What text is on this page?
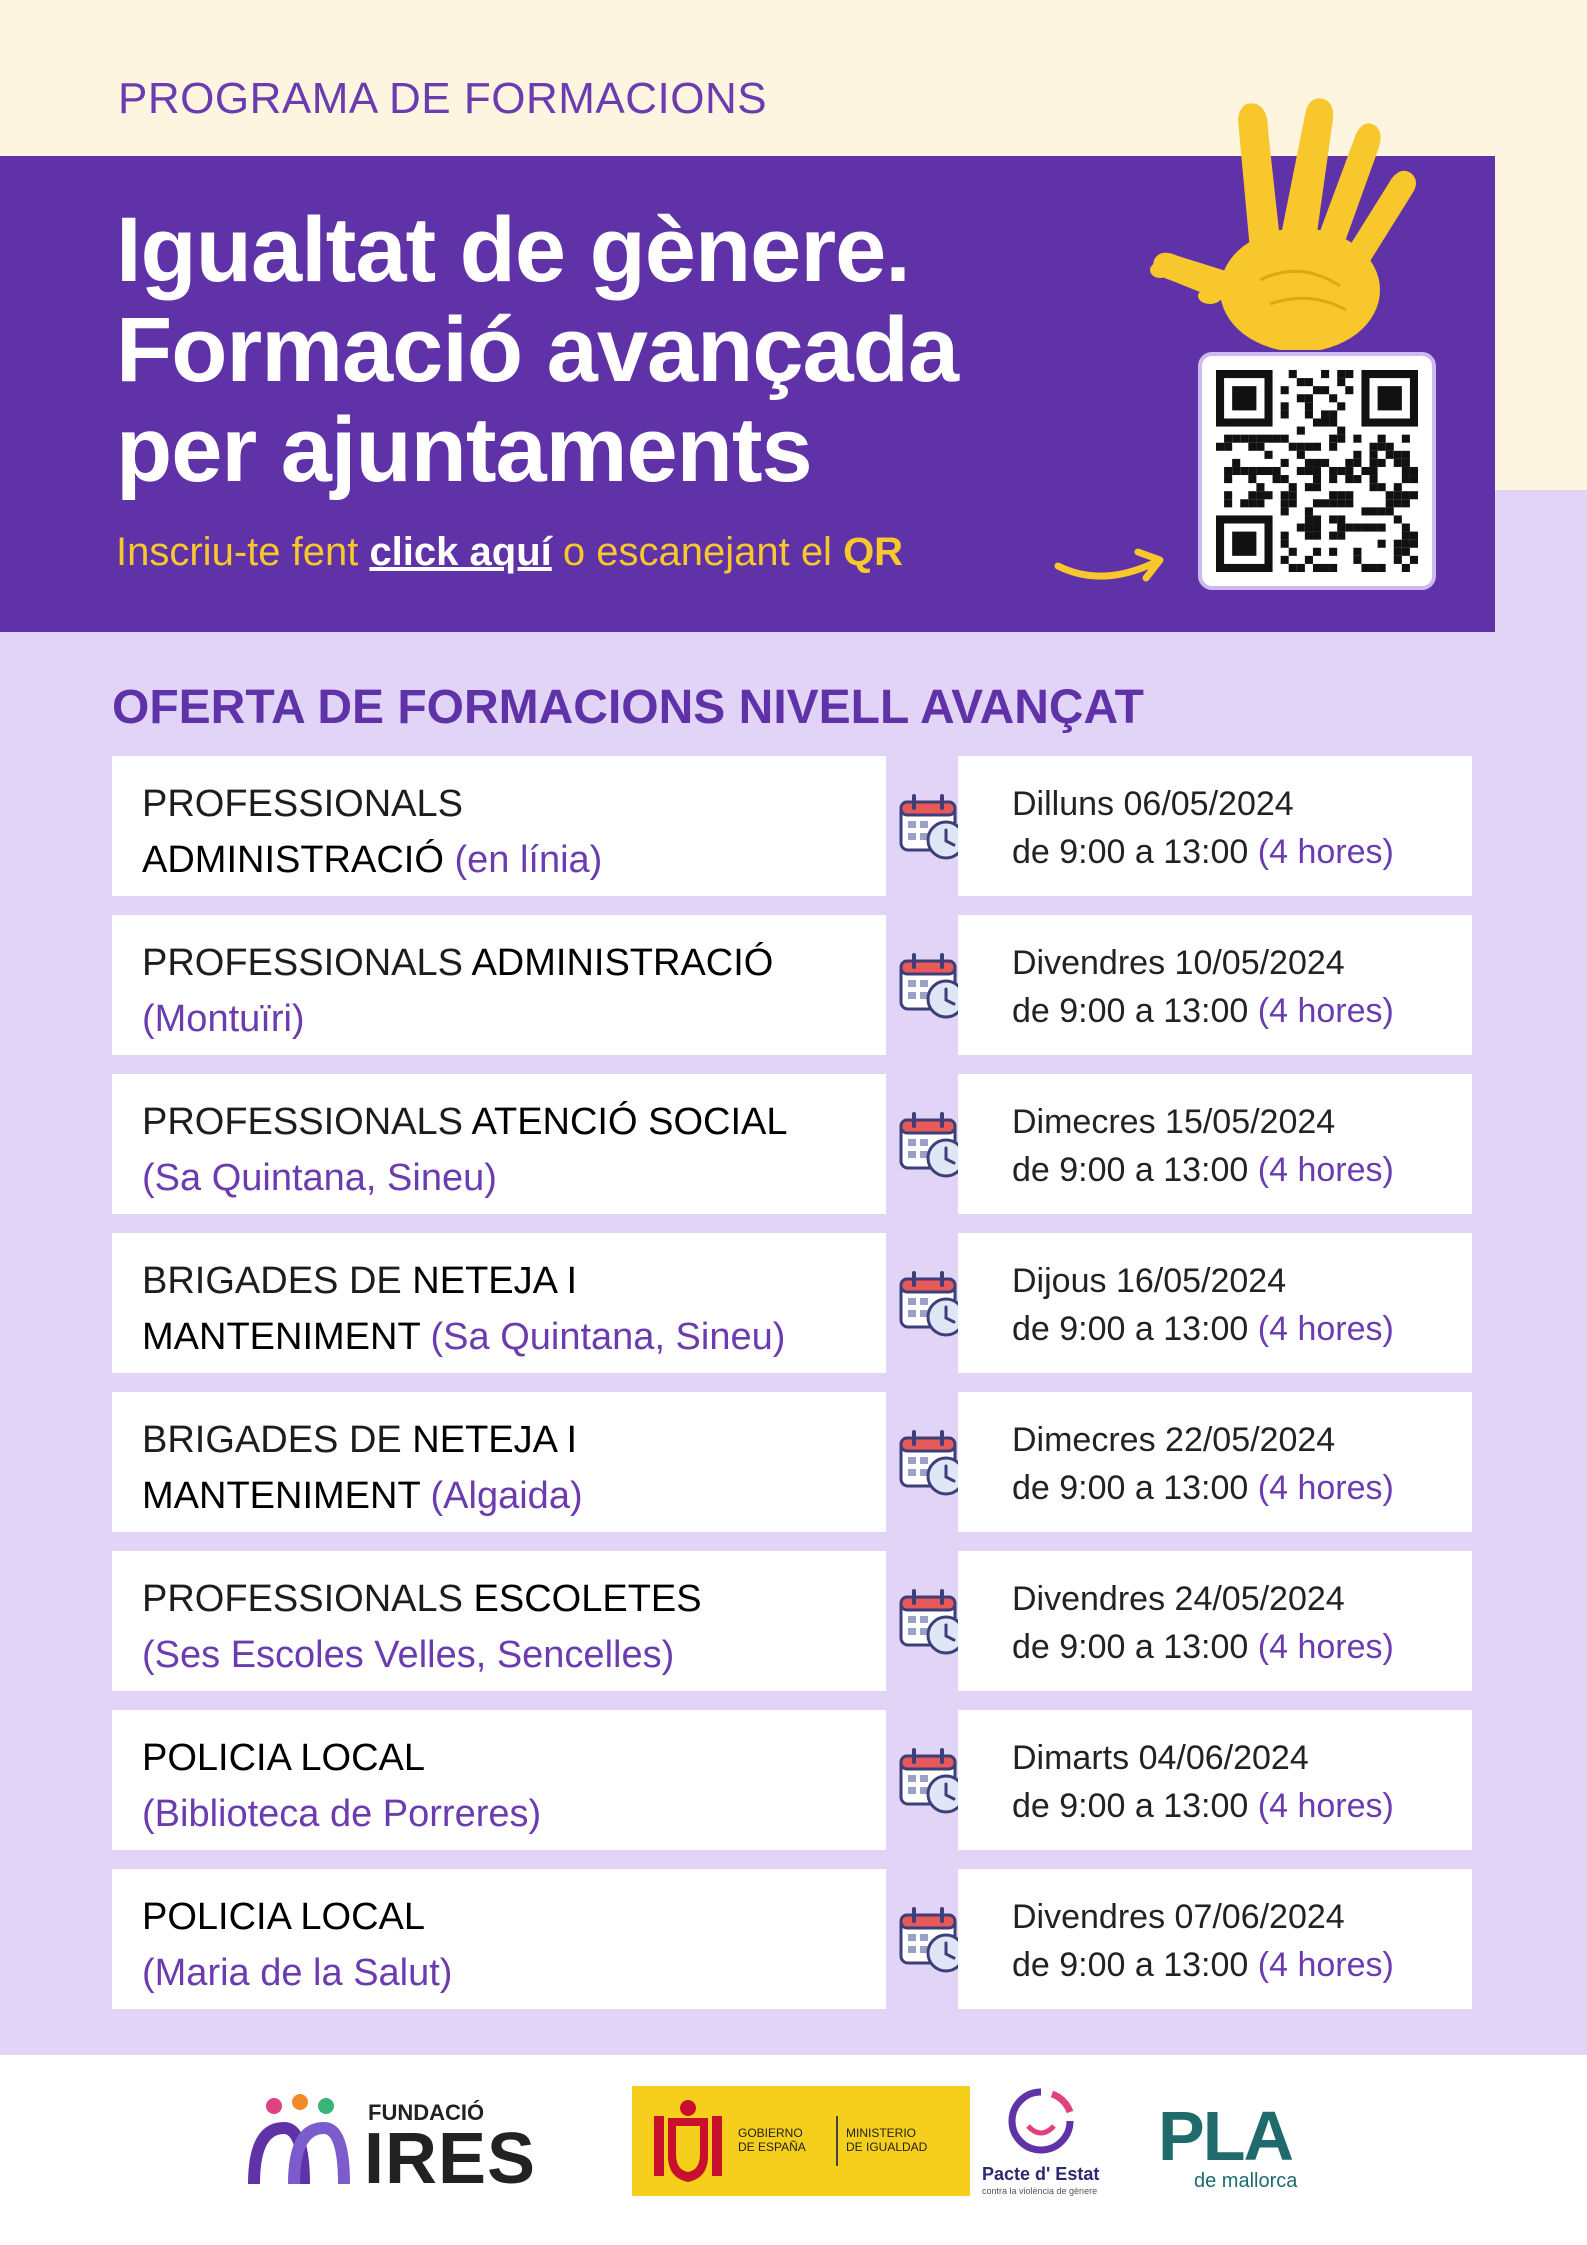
PROGRAMA DE FORMACIONS
Igualtat de gènere.
Formació avançada
per ajuntaments
Inscriu-te fent click aquí o escanejant el QR
OFERTA DE FORMACIONS NIVELL AVANÇAT
PROFESSIONALS
ADMINISTRACIÓ (en línia)
Dilluns 06/05/2024
de 9:00 a 13:00 (4 hores)
PROFESSIONALS ADMINISTRACIÓ
(Montuïri)
Divendres 10/05/2024
de 9:00 a 13:00 (4 hores)
PROFESSIONALS ATENCIÓ SOCIAL
(Sa Quintana, Sineu)
Dimecres 15/05/2024
de 9:00 a 13:00 (4 hores)
BRIGADES DE NETEJA I
MANTENIMENT (Sa Quintana, Sineu)
Dijous 16/05/2024
de 9:00 a 13:00 (4 hores)
BRIGADES DE NETEJA I
MANTENIMENT (Algaida)
Dimecres 22/05/2024
de 9:00 a 13:00 (4 hores)
PROFESSIONALS ESCOLETES
(Ses Escoles Velles, Sencelles)
Divendres 24/05/2024
de 9:00 a 13:00 (4 hores)
POLICIA LOCAL
(Biblioteca de Porreres)
Dimarts 04/06/2024
de 9:00 a 13:00 (4 hores)
POLICIA LOCAL
(Maria de la Salut)
Divendres 07/06/2024
de 9:00 a 13:00 (4 hores)
FUNDACIÓ
IRES	GOBIERNO
DE ESPAÑA
MINISTERIO
DE IGUALDAD
Pacte d' Estat
contra la violència de gènere
PLA
de mallorca
